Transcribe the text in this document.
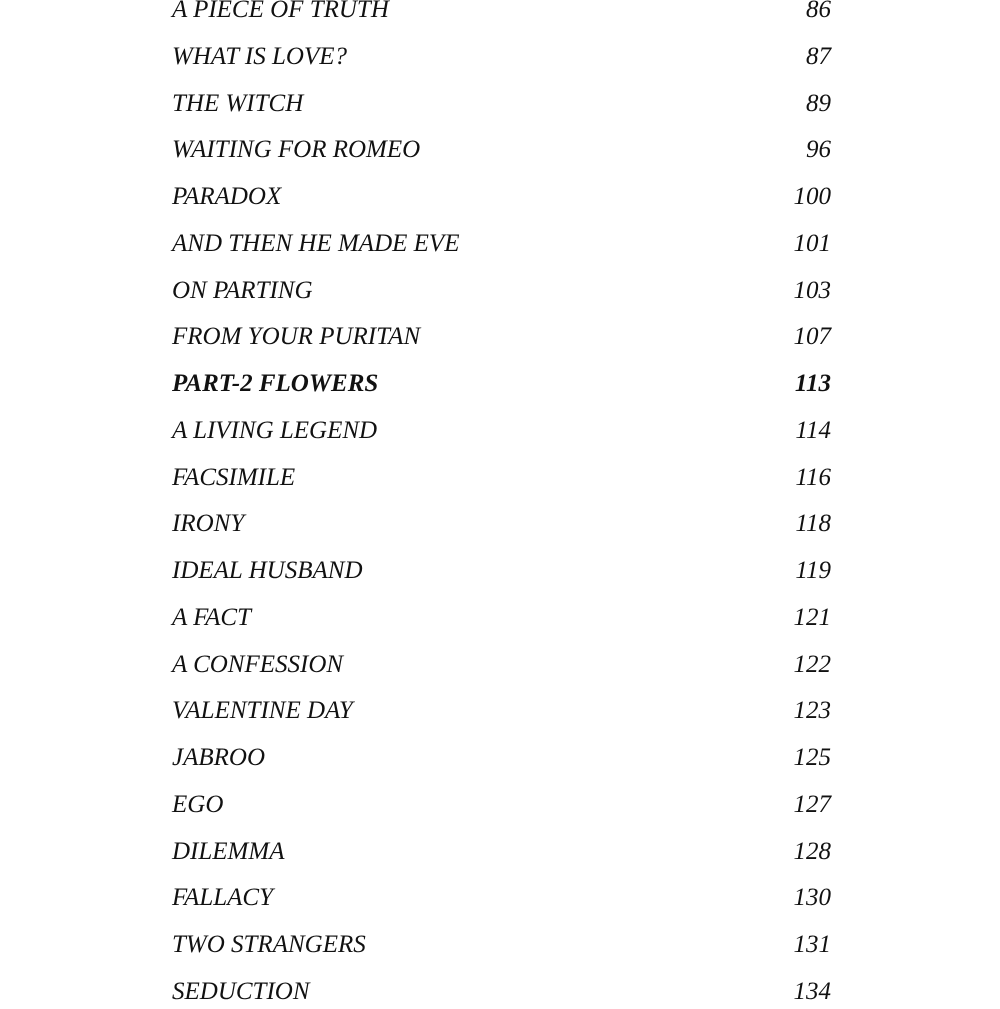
A PIECE OF TRUTH	86
WHAT IS LOVE?	87
THE WITCH	89
WAITING FOR ROMEO	96
PARADOX	100
AND THEN HE MADE EVE	101
ON PARTING	103
FROM YOUR PURITAN	107
PART-2 FLOWERS	113
A LIVING LEGEND	114
FACSIMILE	116
IRONY	118
IDEAL HUSBAND	119
A FACT	121
A CONFESSION	122
VALENTINE DAY	123
JABROO	125
EGO	127
DILEMMA	128
FALLACY	130
TWO STRANGERS	131
SEDUCTION	134
